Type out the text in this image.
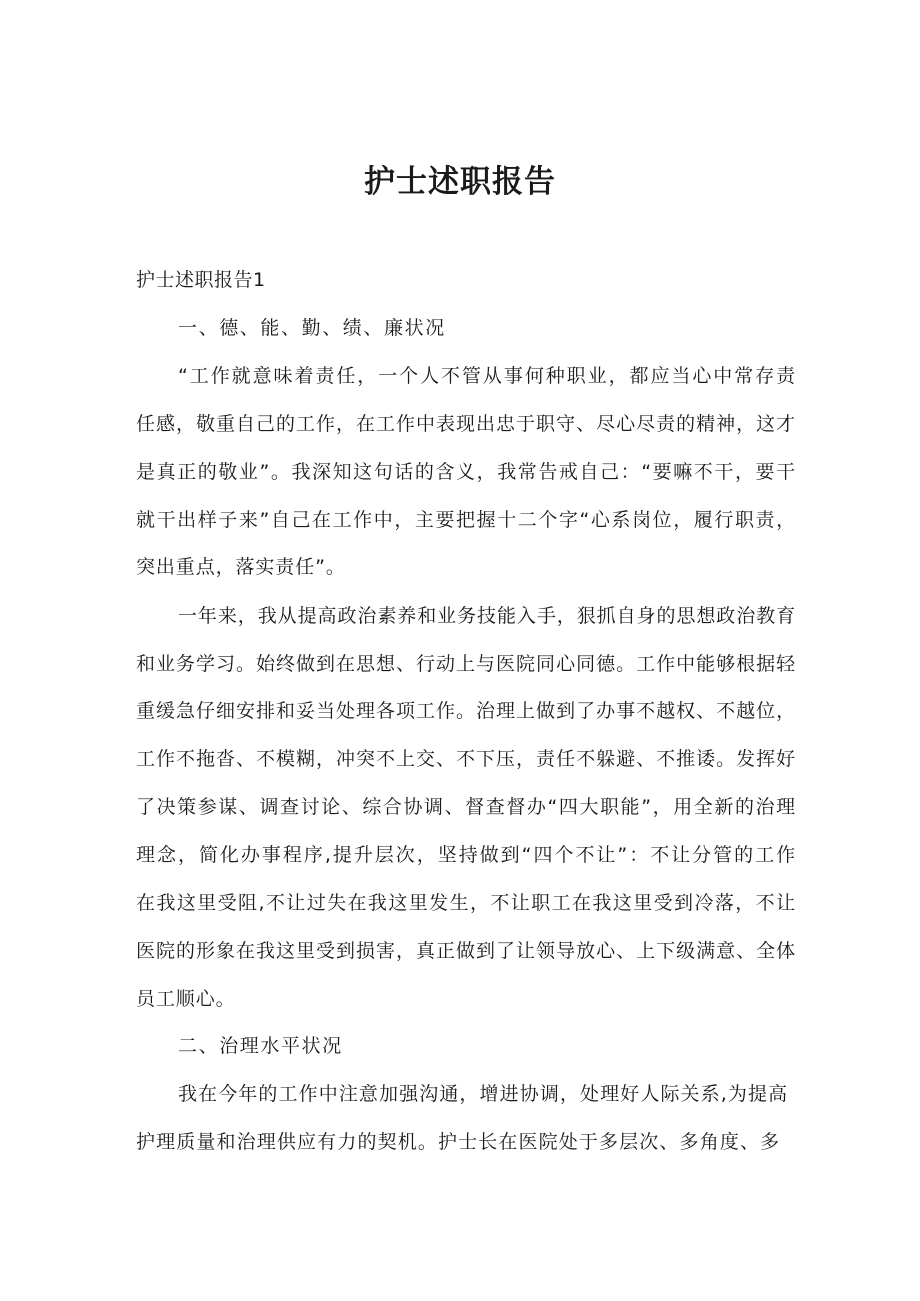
护士述职报告
护士述职报告1
一、德、能、勤、绩、廉状况
“工作就意味着责任，一个人不管从事何种职业，都应当心中常存责
任感，敬重自己的工作，在工作中表现出忠于职守、尽心尽责的精神，这才
是真正的敬业”。我深知这句话的含义，我常告戒自己：“要嘛不干，要干
就干出样子来”自己在工作中，主要把握十二个字“心系岗位，履行职责，
突出重点，落实责任”。
一年来，我从提高政治素养和业务技能入手，狠抓自身的思想政治教育
和业务学习。始终做到在思想、行动上与医院同心同德。工作中能够根据轻
重缓急仔细安排和妥当处理各项工作。治理上做到了办事不越权、不越位，
工作不拖沓、不模糊，冲突不上交、不下压，责任不躲避、不推诿。发挥好
了决策参谋、调查讨论、综合协调、督查督办“四大职能”，用全新的治理
理念，简化办事程序,提升层次，坚持做到“四个不让”：不让分管的工作
在我这里受阻,不让过失在我这里发生，不让职工在我这里受到冷落，不让
医院的形象在我这里受到损害，真正做到了让领导放心、上下级满意、全体
员工顺心。
二、治理水平状况
我在今年的工作中注意加强沟通，增进协调，处理好人际关系,为提高
护理质量和治理供应有力的契机。护士长在医院处于多层次、多角度、多
